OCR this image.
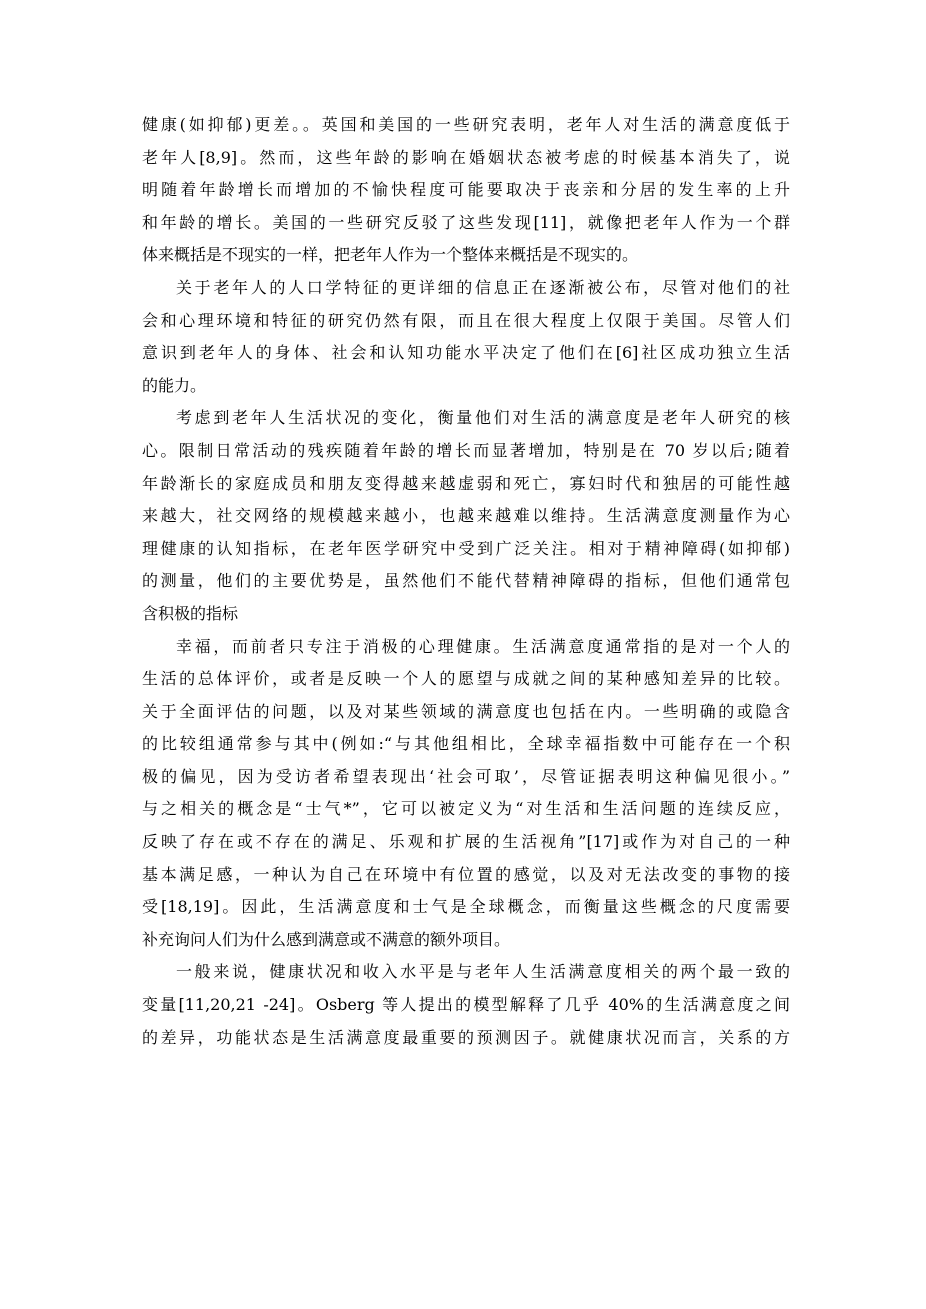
健康(如抑郁)更差。。英国和美国的一些研究表明，老年人对生活的满意度低于
老年人[8,9]。然而，这些年龄的影响在婚姻状态被考虑的时候基本消失了，说
明随着年龄增长而增加的不愉快程度可能要取决于丧亲和分居的发生率的上升
和年龄的增长。美国的一些研究反驳了这些发现[11]，就像把老年人作为一个群
体来概括是不现实的一样，把老年人作为一个整体来概括是不现实的。
关于老年人的人口学特征的更详细的信息正在逐渐被公布，尽管对他们的社
会和心理环境和特征的研究仍然有限，而且在很大程度上仅限于美国。尽管人们
意识到老年人的身体、社会和认知功能水平决定了他们在[6]社区成功独立生活
的能力。
考虑到老年人生活状况的变化，衡量他们对生活的满意度是老年人研究的核
心。限制日常活动的残疾随着年龄的增长而显著增加，特别是在 70 岁以后;随着
年龄渐长的家庭成员和朋友变得越来越虚弱和死亡，寡妇时代和独居的可能性越
来越大，社交网络的规模越来越小，也越来越难以维持。生活满意度测量作为心
理健康的认知指标，在老年医学研究中受到广泛关注。相对于精神障碍(如抑郁)
的测量，他们的主要优势是，虽然他们不能代替精神障碍的指标，但他们通常包
含积极的指标
幸福，而前者只专注于消极的心理健康。生活满意度通常指的是对一个人的
生活的总体评价，或者是反映一个人的愿望与成就之间的某种感知差异的比较。
关于全面评估的问题，以及对某些领域的满意度也包括在内。一些明确的或隐含
的比较组通常参与其中(例如:“与其他组相比，全球幸福指数中可能存在一个积
极的偏见，因为受访者希望表现出‘社会可取’，尽管证据表明这种偏见很小。”
与之相关的概念是“士气*”，它可以被定义为“对生活和生活问题的连续反应，
反映了存在或不存在的满足、乐观和扩展的生活视角”[17]或作为对自己的一种
基本满足感，一种认为自己在环境中有位置的感觉，以及对无法改变的事物的接
受[18,19]。因此，生活满意度和士气是全球概念，而衡量这些概念的尺度需要
补充询问人们为什么感到满意或不满意的额外项目。
一般来说，健康状况和收入水平是与老年人生活满意度相关的两个最一致的
变量[11,20,21 -24]。Osberg 等人提出的模型解释了几乎 40%的生活满意度之间
的差异，功能状态是生活满意度最重要的预测因子。就健康状况而言，关系的方
